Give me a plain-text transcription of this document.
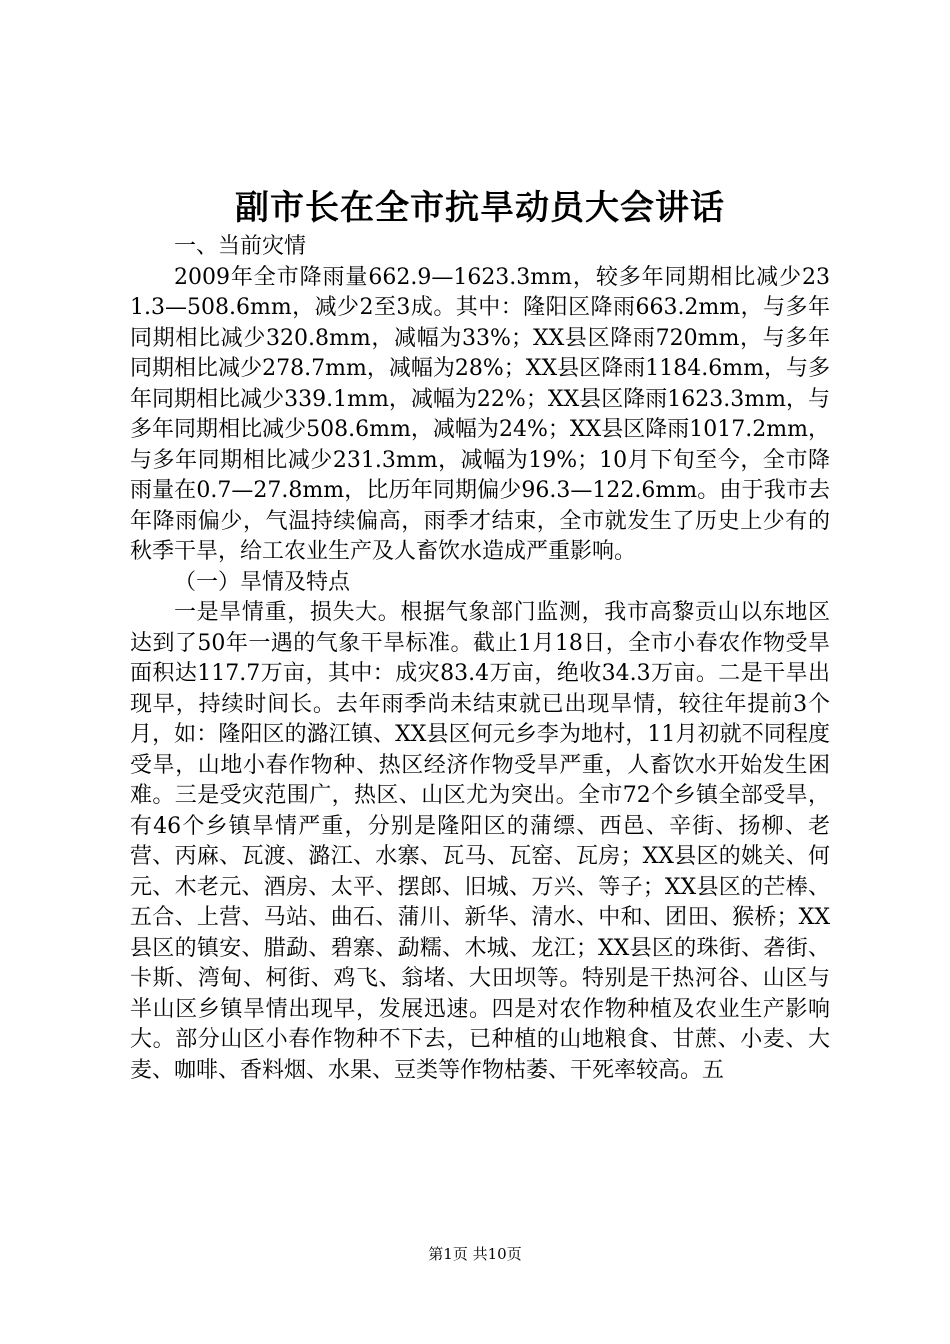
副市长在全市抗旱动员大会讲话

一、当前灾情

2009年全市降雨量662.9—1623.3mm，较多年同期相比减少231.3—508.6mm，减少2至3成。其中：隆阳区降雨663.2mm，与多年同期相比减少320.8mm，减幅为33%；XX县区降雨720mm，与多年同期相比减少278.7mm，减幅为28%；XX县区降雨1184.6mm，与多年同期相比减少339.1mm，减幅为22%；XX县区降雨1623.3mm，与多年同期相比减少508.6mm，减幅为24%；XX县区降雨1017.2mm，与多年同期相比减少231.3mm，减幅为19%；10月下旬至今，全市降雨量在0.7—27.8mm，比历年同期偏少96.3—122.6mm。由于我市去年降雨偏少，气温持续偏高，雨季才结束，全市就发生了历史上少有的秋季干旱，给工农业生产及人畜饮水造成严重影响。

（一）旱情及特点

一是旱情重，损失大。根据气象部门监测，我市高黎贡山以东地区达到了50年一遇的气象干旱标准。截止1月18日，全市小春农作物受旱面积达117.7万亩，其中：成灾83.4万亩，绝收34.3万亩。二是干旱出现早，持续时间长。去年雨季尚未结束就已出现旱情，较往年提前3个月，如：隆阳区的潞江镇、XX县区何元乡李为地村，11月初就不同程度受旱，山地小春作物种、热区经济作物受旱严重，人畜饮水开始发生困难。三是受灾范围广，热区、山区尤为突出。全市72个乡镇全部受旱，有46个乡镇旱情严重，分别是隆阳区的蒲缥、西邑、辛街、扬柳、老营、丙麻、瓦渡、潞江、水寨、瓦马、瓦窑、瓦房；XX县区的姚关、何元、木老元、酒房、太平、摆郎、旧城、万兴、等子；XX县区的芒棒、五合、上营、马站、曲石、蒲川、新华、清水、中和、团田、猴桥；XX县区的镇安、腊勐、碧寨、勐糯、木城、龙江；XX县区的珠街、砻街、卡斯、湾甸、柯街、鸡飞、翁堵、大田坝等。特别是干热河谷、山区与半山区乡镇旱情出现早，发展迅速。四是对农作物种植及农业生产影响大。部分山区小春作物种不下去，已种植的山地粮食、甘蔗、小麦、大麦、咖啡、香料烟、水果、豆类等作物枯萎、干死率较高。五

第1页 共10页
